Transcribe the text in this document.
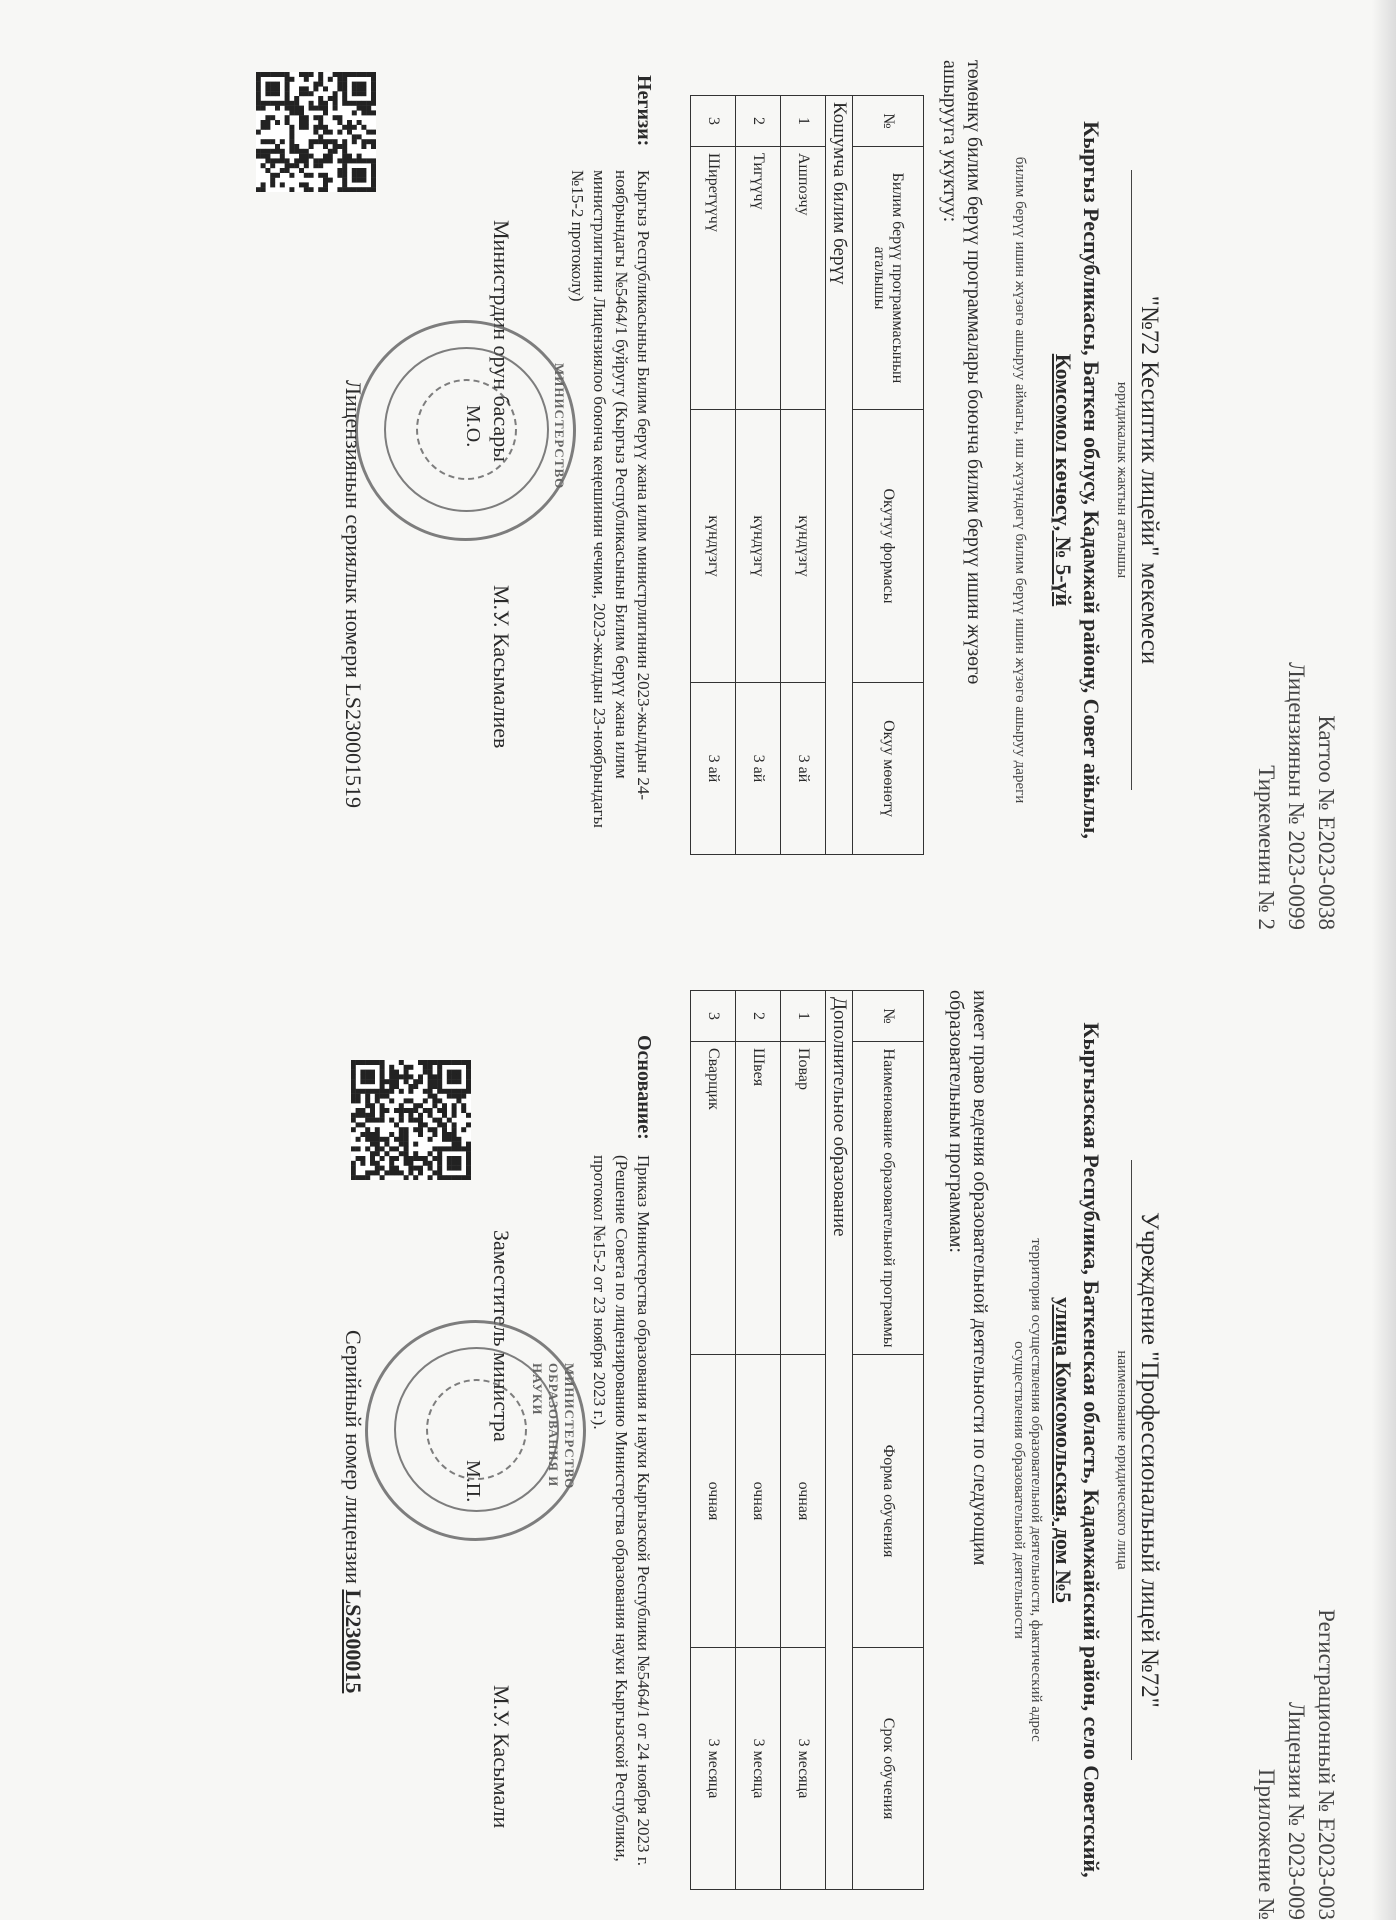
Каттоо № E2023-0038
Лицензиянын № 2023-0099
Тиркеменин № 2
"№72 Кесиптик лицейи" мекемеси
юридикалык жактын аталышы
Кыргыз Республикасы, Баткен облусу, Кадамжай району, Совет айылы,
Комсомол көчөсү, № 5-үй
билим берүү ишин жүзөгө ашыруу аймагы, иш жүзүндөгү билим берүү ишин жүзөгө ашыруу дареги
төмөнкү билим берүү программалары боюнча билим берүү ишин жүзөгө ашырууга укуктуу:
№	Билим берүү программасынын аталышы	Окутуу формасы	Окуу мөөнөтү
Кошумча билим берүү			
1	Ашпозчу	күндүзгү	3 ай
2	Тигүүчү	күндүзгү	3 ай
3	Ширетүүчү	күндүзгү	3 ай
Негизи:
Кыргыз Республикасынын Билим берүү жана илим министрлигинин 2023-жылдын 24-ноябрындагы №5464/1 буйругу (Кыргыз Республикасынын Билим берүү жана илим министрлигинин Лицензиялоо боюнча кеңешинин чечими, 2023-жылдын 23-ноябрындагы №15-2 протоколу)
Министрдин орун басары	МИНИСТЕРСТВО
М.О.
М.У. Касымалиев
Лицензиянын сериялык номери LS230001519
Регистрационный № E2023-003
Лицензии № 2023-009
Приложение №
Учреждение "Профессиональный лицей №72"
наименование юридического лица
Кыргызская Республика, Баткенская область, Кадамжайский район, село Советский,
улица Комсомольская, дом №5
территория осуществления образовательной деятельности, фактический адрес осуществления образовательной деятельности
имеет право ведения образовательной деятельности по следующим образовательным программам:
№	Наименование образовательной программы	Форма обучения	Срок обучения
Дополнительное образование			
1	Повар	очная	3 месяца
2	Швея	очная	3 месяца
3	Сварщик	очная	3 месяца
Основание:
Приказ Министерства образования и науки Кыргызской Республики №5464/1 от 24 ноября 2023 г. (Решение Совета по лицензированию Министерства образования науки Кыргызской Республики, протокол №15-2 от 23 ноября 2023 г.).
Заместитель министра	МИНИСТЕРСТВО ОБРАЗОВАНИЯ И НАУКИ
М.П.
М.У. Касымали
Серийный номер лицензии LS2300015
